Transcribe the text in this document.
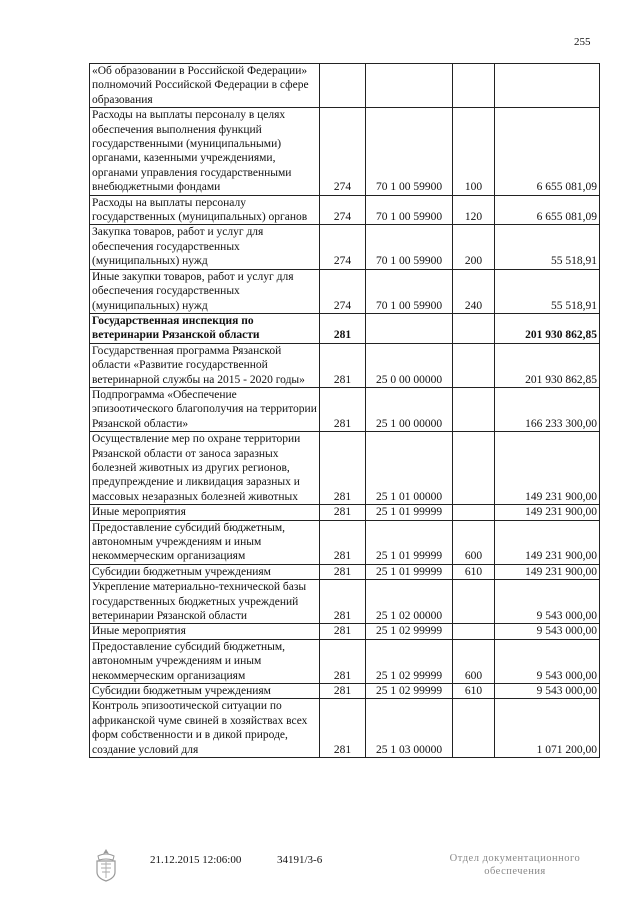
255
«Об образовании в Российской Федерации» полномочий Российской Федерации в сфере образования				
Расходы на выплаты персоналу в целях обеспечения выполнения функций государственными (муниципальными) органами, казенными учреждениями, органами управления государственными внебюджетными фондами	274	70 1 00 59900	100	6 655 081,09
Расходы на выплаты персоналу государственных (муниципальных) органов	274	70 1 00 59900	120	6 655 081,09
Закупка товаров, работ и услуг для обеспечения государственных (муниципальных) нужд	274	70 1 00 59900	200	55 518,91
Иные закупки товаров, работ и услуг для обеспечения государственных (муниципальных) нужд	274	70 1 00 59900	240	55 518,91
Государственная инспекция по ветеринарии Рязанской области	281			201 930 862,85
Государственная программа Рязанской области «Развитие государственной ветеринарной службы на 2015 - 2020 годы»	281	25 0 00 00000		201 930 862,85
Подпрограмма «Обеспечение эпизоотического благополучия на территории Рязанской области»	281	25 1 00 00000		166 233 300,00
Осуществление мер по охране территории Рязанской области от заноса заразных болезней животных из других регионов, предупреждение и ликвидация заразных и массовых незаразных болезней животных	281	25 1 01 00000		149 231 900,00
Иные мероприятия	281	25 1 01 99999		149 231 900,00
Предоставление субсидий бюджетным, автономным учреждениям и иным некоммерческим организациям	281	25 1 01 99999	600	149 231 900,00
Субсидии бюджетным учреждениям	281	25 1 01 99999	610	149 231 900,00
Укрепление материально-технической базы государственных бюджетных учреждений ветеринарии Рязанской области	281	25 1 02 00000		9 543 000,00
Иные мероприятия	281	25 1 02 99999		9 543 000,00
Предоставление субсидий бюджетным, автономным учреждениям и иным некоммерческим организациям	281	25 1 02 99999	600	9 543 000,00
Субсидии бюджетным учреждениям	281	25 1 02 99999	610	9 543 000,00
Контроль эпизоотической ситуации по африканской чуме свиней в хозяйствах всех форм собственности и в дикой природе, создание условий для	281	25 1 03 00000		1 071 200,00
21.12.2015 12:06:00	34191/3-6	Отдел документационного обеспечения
